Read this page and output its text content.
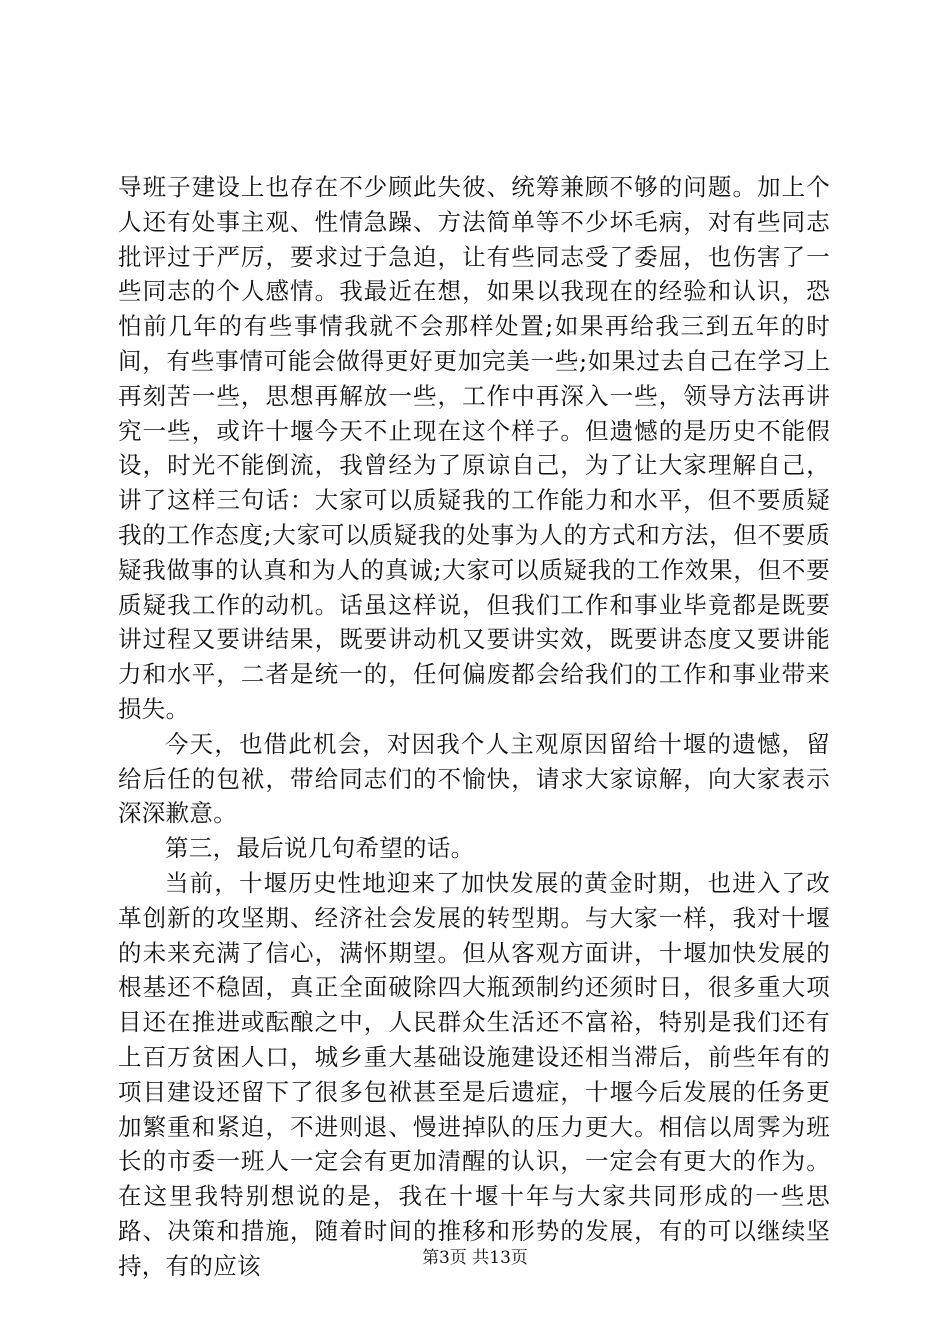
导班子建设上也存在不少顾此失彼、统筹兼顾不够的问题。加上个人还有处事主观、性情急躁、方法简单等不少坏毛病，对有些同志批评过于严厉，要求过于急迫，让有些同志受了委屈，也伤害了一些同志的个人感情。我最近在想，如果以我现在的经验和认识，恐怕前几年的有些事情我就不会那样处置;如果再给我三到五年的时间，有些事情可能会做得更好更加完美一些;如果过去自己在学习上再刻苦一些，思想再解放一些，工作中再深入一些，领导方法再讲究一些，或许十堰今天不止现在这个样子。但遗憾的是历史不能假设，时光不能倒流，我曾经为了原谅自己，为了让大家理解自己，讲了这样三句话：大家可以质疑我的工作能力和水平，但不要质疑我的工作态度;大家可以质疑我的处事为人的方式和方法，但不要质疑我做事的认真和为人的真诚;大家可以质疑我的工作效果，但不要质疑我工作的动机。话虽这样说，但我们工作和事业毕竟都是既要讲过程又要讲结果，既要讲动机又要讲实效，既要讲态度又要讲能力和水平，二者是统一的，任何偏废都会给我们的工作和事业带来损失。

今天，也借此机会，对因我个人主观原因留给十堰的遗憾，留给后任的包袱，带给同志们的不愉快，请求大家谅解，向大家表示深深歉意。

第三，最后说几句希望的话。

当前，十堰历史性地迎来了加快发展的黄金时期，也进入了改革创新的攻坚期、经济社会发展的转型期。与大家一样，我对十堰的未来充满了信心，满怀期望。但从客观方面讲，十堰加快发展的根基还不稳固，真正全面破除四大瓶颈制约还须时日，很多重大项目还在推进或酝酿之中，人民群众生活还不富裕，特别是我们还有上百万贫困人口，城乡重大基础设施建设还相当滞后，前些年有的项目建设还留下了很多包袱甚至是后遗症，十堰今后发展的任务更加繁重和紧迫，不进则退、慢进掉队的压力更大。相信以周霁为班长的市委一班人一定会有更加清醒的认识，一定会有更大的作为。在这里我特别想说的是，我在十堰十年与大家共同形成的一些思路、决策和措施，随着时间的推移和形势的发展，有的可以继续坚持，有的应该	第3页 共13页
